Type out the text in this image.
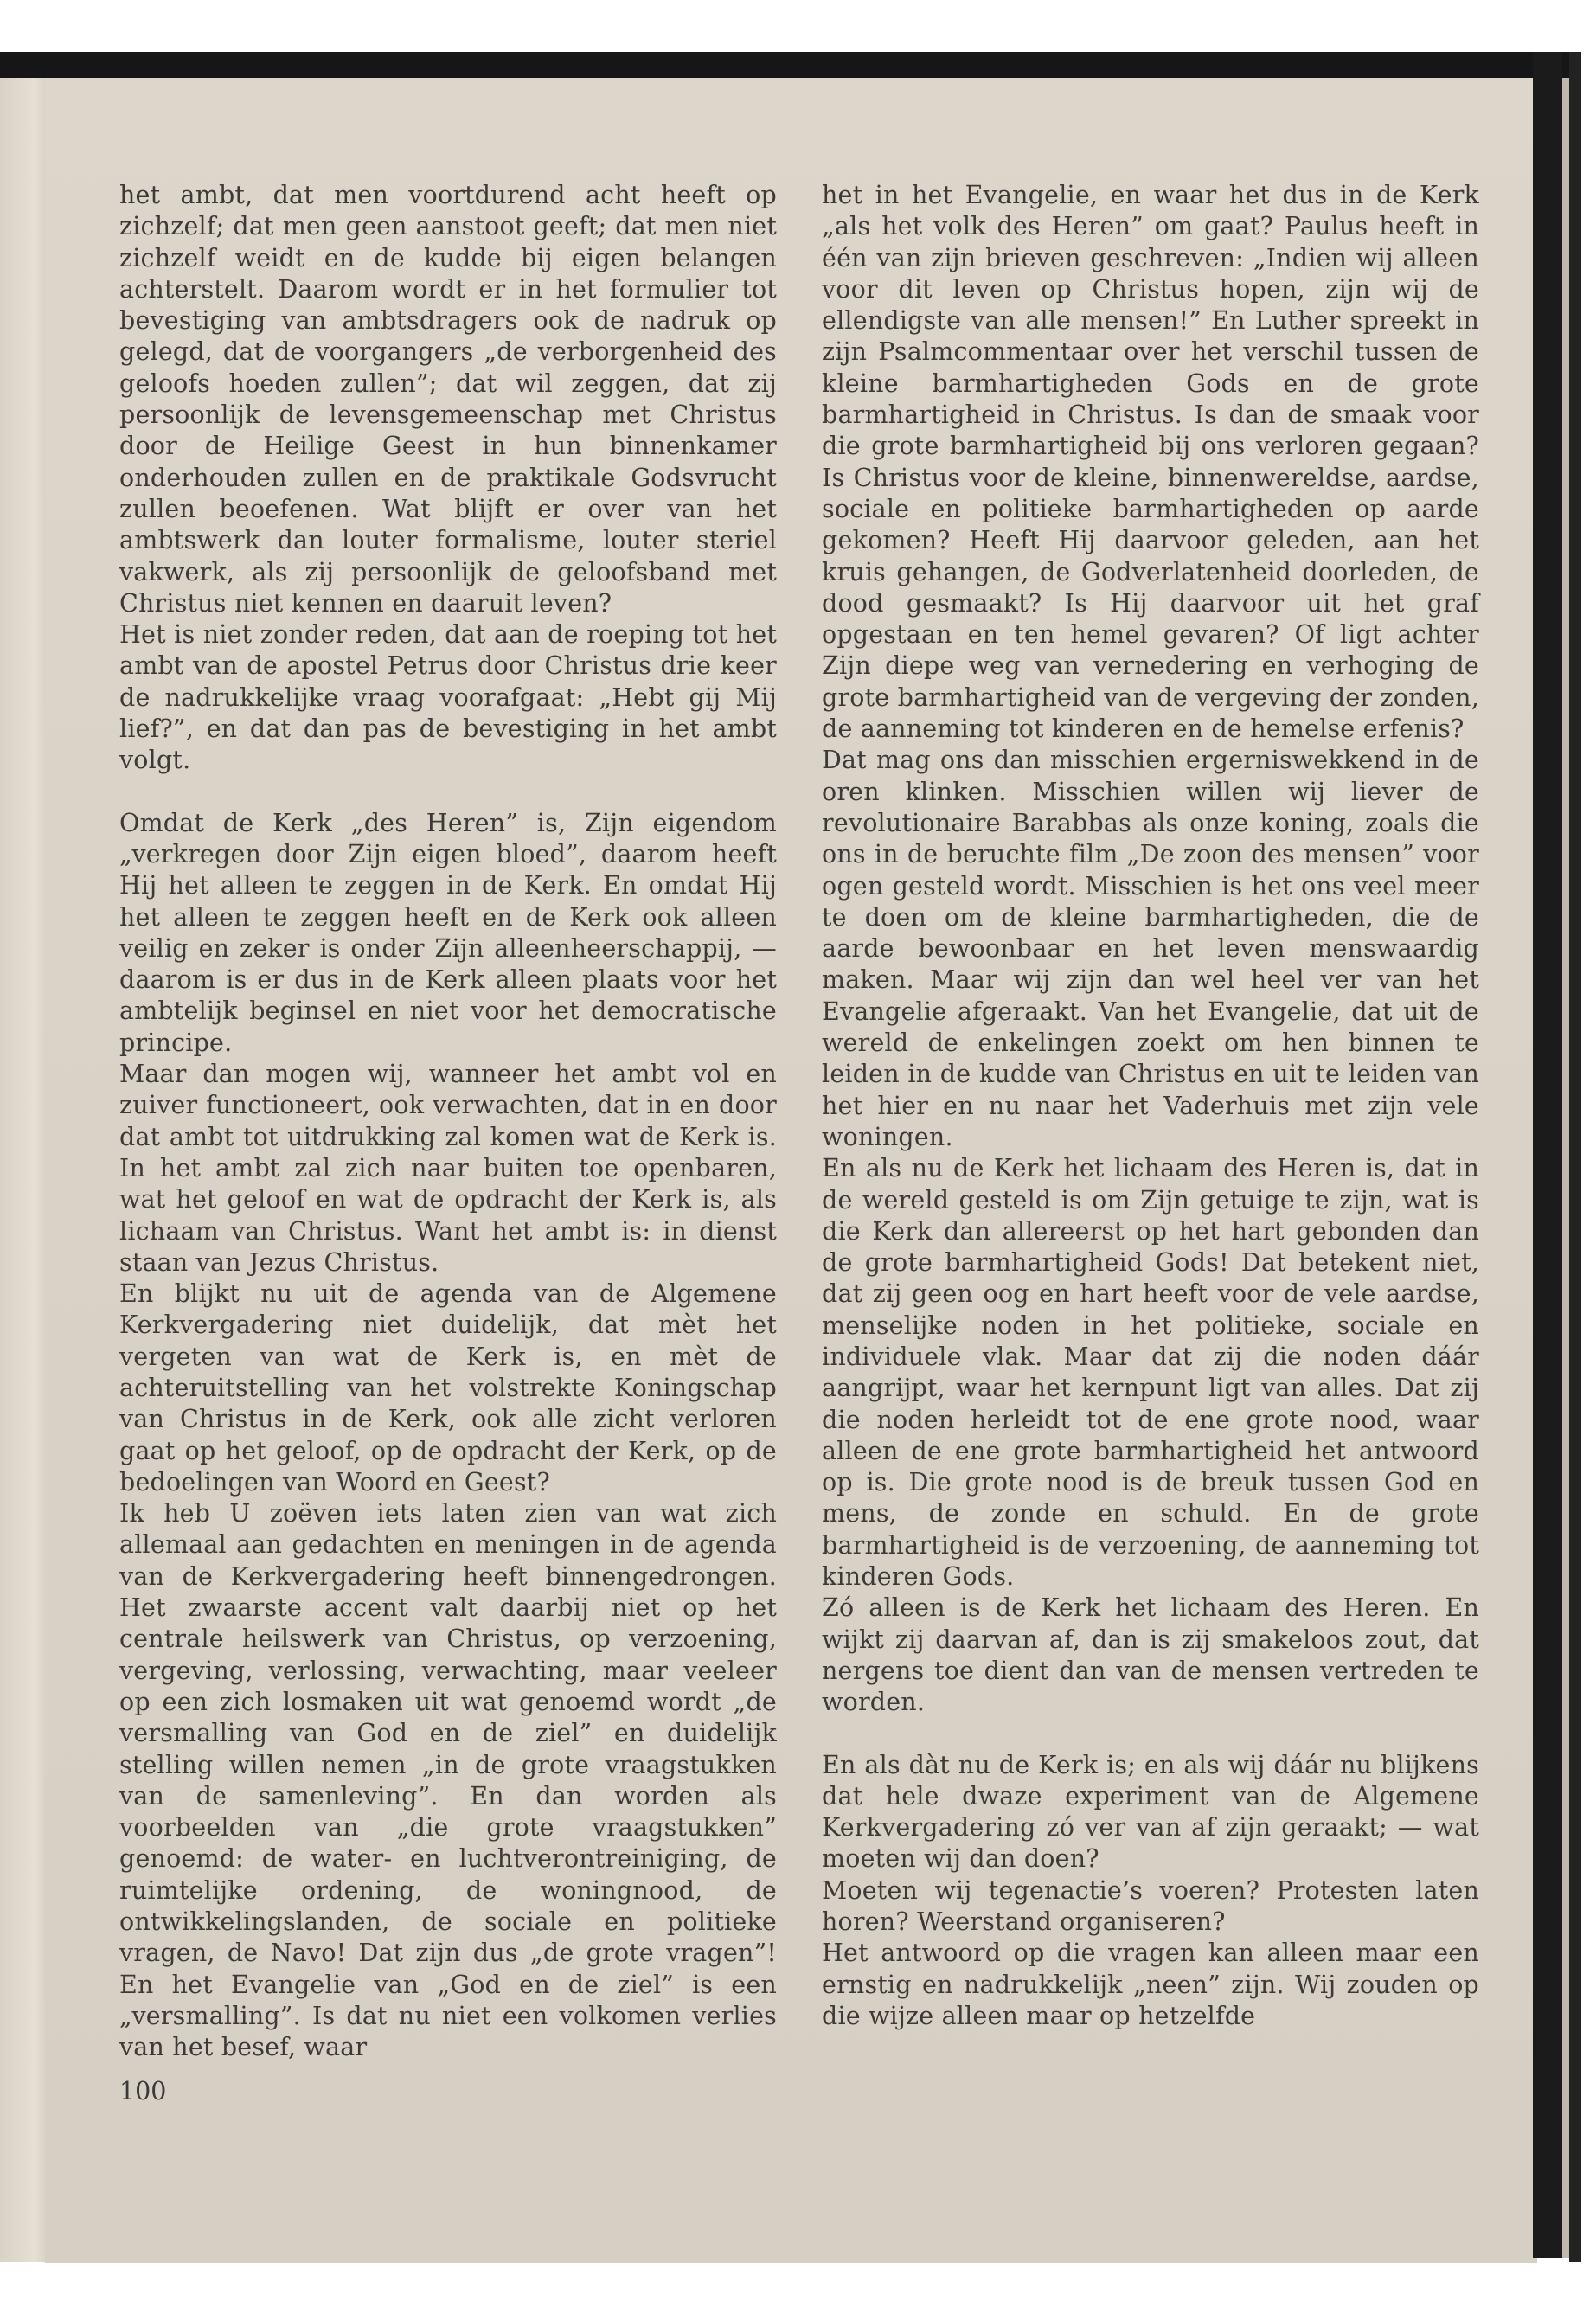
het ambt, dat men voortdurend acht heeft op zichzelf; dat men geen aanstoot geeft; dat men niet zichzelf weidt en de kudde bij eigen belangen achterstelt. Daarom wordt er in het formulier tot bevestiging van ambtsdragers ook de nadruk op gelegd, dat de voorgangers „de verborgenheid des geloofs hoeden zullen”; dat wil zeggen, dat zij persoonlijk de levensgemeenschap met Christus door de Heilige Geest in hun binnenkamer onderhouden zullen en de praktikale Godsvrucht zullen beoefenen. Wat blijft er over van het ambtswerk dan louter formalisme, louter steriel vakwerk, als zij persoonlijk de geloofsband met Christus niet kennen en daaruit leven?

Het is niet zonder reden, dat aan de roeping tot het ambt van de apostel Petrus door Christus drie keer de nadrukkelijke vraag voorafgaat: „Hebt gij Mij lief?”, en dat dan pas de bevestiging in het ambt volgt.

Omdat de Kerk „des Heren” is, Zijn eigendom „verkregen door Zijn eigen bloed”, daarom heeft Hij het alleen te zeggen in de Kerk. En omdat Hij het alleen te zeggen heeft en de Kerk ook alleen veilig en zeker is onder Zijn alleenheerschappij, — daarom is er dus in de Kerk alleen plaats voor het ambtelijk beginsel en niet voor het democratische principe.

Maar dan mogen wij, wanneer het ambt vol en zuiver functioneert, ook verwachten, dat in en door dat ambt tot uitdrukking zal komen wat de Kerk is. In het ambt zal zich naar buiten toe openbaren, wat het geloof en wat de opdracht der Kerk is, als lichaam van Christus. Want het ambt is: in dienst staan van Jezus Christus.

En blijkt nu uit de agenda van de Algemene Kerkvergadering niet duidelijk, dat mèt het vergeten van wat de Kerk is, en mèt de achteruitstelling van het volstrekte Koningschap van Christus in de Kerk, ook alle zicht verloren gaat op het geloof, op de opdracht der Kerk, op de bedoelingen van Woord en Geest?

Ik heb U zoëven iets laten zien van wat zich allemaal aan gedachten en meningen in de agenda van de Kerkvergadering heeft binnengedrongen. Het zwaarste accent valt daarbij niet op het centrale heilswerk van Christus, op verzoening, vergeving, verlossing, verwachting, maar veeleer op een zich losmaken uit wat genoemd wordt „de versmalling van God en de ziel” en duidelijk stelling willen nemen „in de grote vraagstukken van de samenleving”. En dan worden als voorbeelden van „die grote vraagstukken” genoemd: de water- en luchtverontreiniging, de ruimtelijke ordening, de woningnood, de ontwikkelingslanden, de sociale en politieke vragen, de Navo! Dat zijn dus „de grote vragen”! En het Evangelie van „God en de ziel” is een „versmalling”. Is dat nu niet een volkomen verlies van het besef, waar

het in het Evangelie, en waar het dus in de Kerk „als het volk des Heren” om gaat? Paulus heeft in één van zijn brieven geschreven: „Indien wij alleen voor dit leven op Christus hopen, zijn wij de ellendigste van alle mensen!” En Luther spreekt in zijn Psalmcommentaar over het verschil tussen de kleine barmhartigheden Gods en de grote barmhartigheid in Christus. Is dan de smaak voor die grote barmhartigheid bij ons verloren gegaan? Is Christus voor de kleine, binnenwereldse, aardse, sociale en politieke barmhartigheden op aarde gekomen? Heeft Hij daarvoor geleden, aan het kruis gehangen, de Godverlatenheid doorleden, de dood gesmaakt? Is Hij daarvoor uit het graf opgestaan en ten hemel gevaren? Of ligt achter Zijn diepe weg van vernedering en verhoging de grote barmhartigheid van de vergeving der zonden, de aanneming tot kinderen en de hemelse erfenis?

Dat mag ons dan misschien ergerniswekkend in de oren klinken. Misschien willen wij liever de revolutionaire Barabbas als onze koning, zoals die ons in de beruchte film „De zoon des mensen” voor ogen gesteld wordt. Misschien is het ons veel meer te doen om de kleine barmhartigheden, die de aarde bewoonbaar en het leven menswaardig maken. Maar wij zijn dan wel heel ver van het Evangelie afgeraakt. Van het Evangelie, dat uit de wereld de enkelingen zoekt om hen binnen te leiden in de kudde van Christus en uit te leiden van het hier en nu naar het Vaderhuis met zijn vele woningen.

En als nu de Kerk het lichaam des Heren is, dat in de wereld gesteld is om Zijn getuige te zijn, wat is die Kerk dan allereerst op het hart gebonden dan de grote barmhartigheid Gods! Dat betekent niet, dat zij geen oog en hart heeft voor de vele aardse, menselijke noden in het politieke, sociale en individuele vlak. Maar dat zij die noden dáár aangrijpt, waar het kernpunt ligt van alles. Dat zij die noden herleidt tot de ene grote nood, waar alleen de ene grote barmhartigheid het antwoord op is. Die grote nood is de breuk tussen God en mens, de zonde en schuld. En de grote barmhartigheid is de verzoening, de aanneming tot kinderen Gods.

Zó alleen is de Kerk het lichaam des Heren. En wijkt zij daarvan af, dan is zij smakeloos zout, dat nergens toe dient dan van de mensen vertreden te worden.

En als dàt nu de Kerk is; en als wij dáár nu blijkens dat hele dwaze experiment van de Algemene Kerkvergadering zó ver van af zijn geraakt; — wat moeten wij dan doen?

Moeten wij tegenactie’s voeren? Protesten laten horen? Weerstand organiseren?

Het antwoord op die vragen kan alleen maar een ernstig en nadrukkelijk „neen” zijn. Wij zouden op die wijze alleen maar op hetzelfde

100
